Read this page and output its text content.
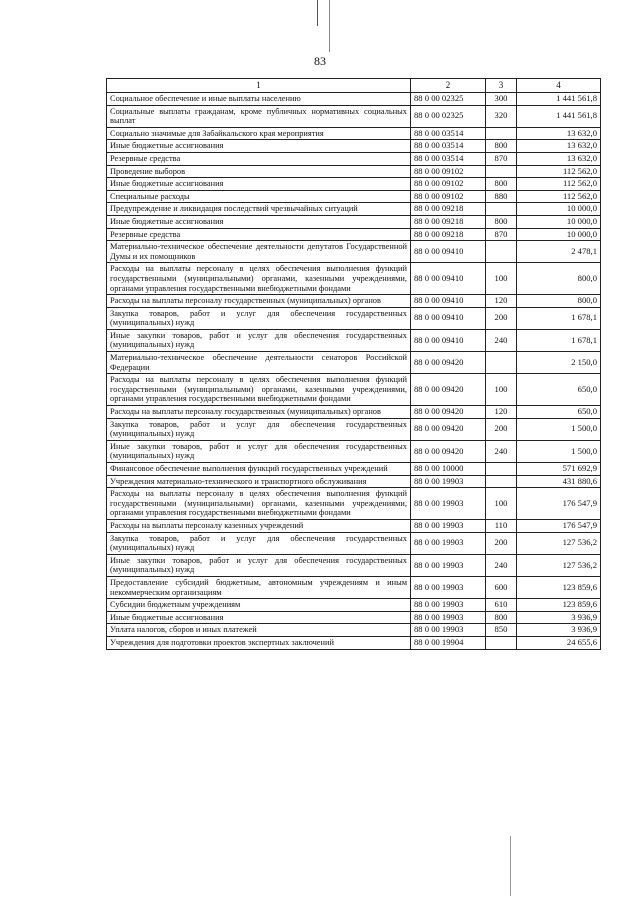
83
1	2	3	4
Социальное обеспечение и иные выплаты населению	88 0 00 02325	300	1 441 561,8
Социальные выплаты гражданам, кроме публичных нормативных социальных выплат	88 0 00 02325	320	1 441 561,8
Социально значимые для Забайкальского края мероприятия	88 0 00 03514		13 632,0
Иные бюджетные ассигнования	88 0 00 03514	800	13 632,0
Резервные средства	88 0 00 03514	870	13 632,0
Проведение выборов	88 0 00 09102		112 562,0
Иные бюджетные ассигнования	88 0 00 09102	800	112 562,0
Специальные расходы	88 0 00 09102	880	112 562,0
Предупреждение и ликвидация последствий чрезвычайных ситуаций	88 0 00 09218		10 000,0
Иные бюджетные ассигнования	88 0 00 09218	800	10 000,0
Резервные средства	88 0 00 09218	870	10 000,0
Материально-техническое обеспечение деятельности депутатов Государственной Думы и их помощников	88 0 00 09410		2 478,1
Расходы на выплаты персоналу в целях обеспечения выполнения функций государственными (муниципальными) органами, казенными учреждениями, органами управления государственными внебюджетными фондами	88 0 00 09410	100	800,0
Расходы на выплаты персоналу государственных (муниципальных) органов	88 0 00 09410	120	800,0
Закупка товаров, работ и услуг для обеспечения государственных (муниципальных) нужд	88 0 00 09410	200	1 678,1
Иные закупки товаров, работ и услуг для обеспечения государственных (муниципальных) нужд	88 0 00 09410	240	1 678,1
Материально-техническое обеспечение деятельности сенаторов Российской Федерации	88 0 00 09420		2 150,0
Расходы на выплаты персоналу в целях обеспечения выполнения функций государственными (муниципальными) органами, казенными учреждениями, органами управления государственными внебюджетными фондами	88 0 00 09420	100	650,0
Расходы на выплаты персоналу государственных (муниципальных) органов	88 0 00 09420	120	650,0
Закупка товаров, работ и услуг для обеспечения государственных (муниципальных) нужд	88 0 00 09420	200	1 500,0
Иные закупки товаров, работ и услуг для обеспечения государственных (муниципальных) нужд	88 0 00 09420	240	1 500,0
Финансовое обеспечение выполнения функций государственных учреждений	88 0 00 10000		571 692,9
Учреждения материально-технического и транспортного обслуживания	88 0 00 19903		431 880,6
Расходы на выплаты персоналу в целях обеспечения выполнения функций государственными (муниципальными) органами, казенными учреждениями, органами управления государственными внебюджетными фондами	88 0 00 19903	100	176 547,9
Расходы на выплаты персоналу казенных учреждений	88 0 00 19903	110	176 547,9
Закупка товаров, работ и услуг для обеспечения государственных (муниципальных) нужд	88 0 00 19903	200	127 536,2
Иные закупки товаров, работ и услуг для обеспечения государственных (муниципальных) нужд	88 0 00 19903	240	127 536,2
Предоставление субсидий бюджетным, автономным учреждениям и иным некоммерческим организациям	88 0 00 19903	600	123 859,6
Субсидии бюджетным учреждениям	88 0 00 19903	610	123 859,6
Иные бюджетные ассигнования	88 0 00 19903	800	3 936,9
Уплата налогов, сборов и иных платежей	88 0 00 19903	850	3 936,9
Учреждения для подготовки проектов экспертных заключений	88 0 00 19904		24 655,6
